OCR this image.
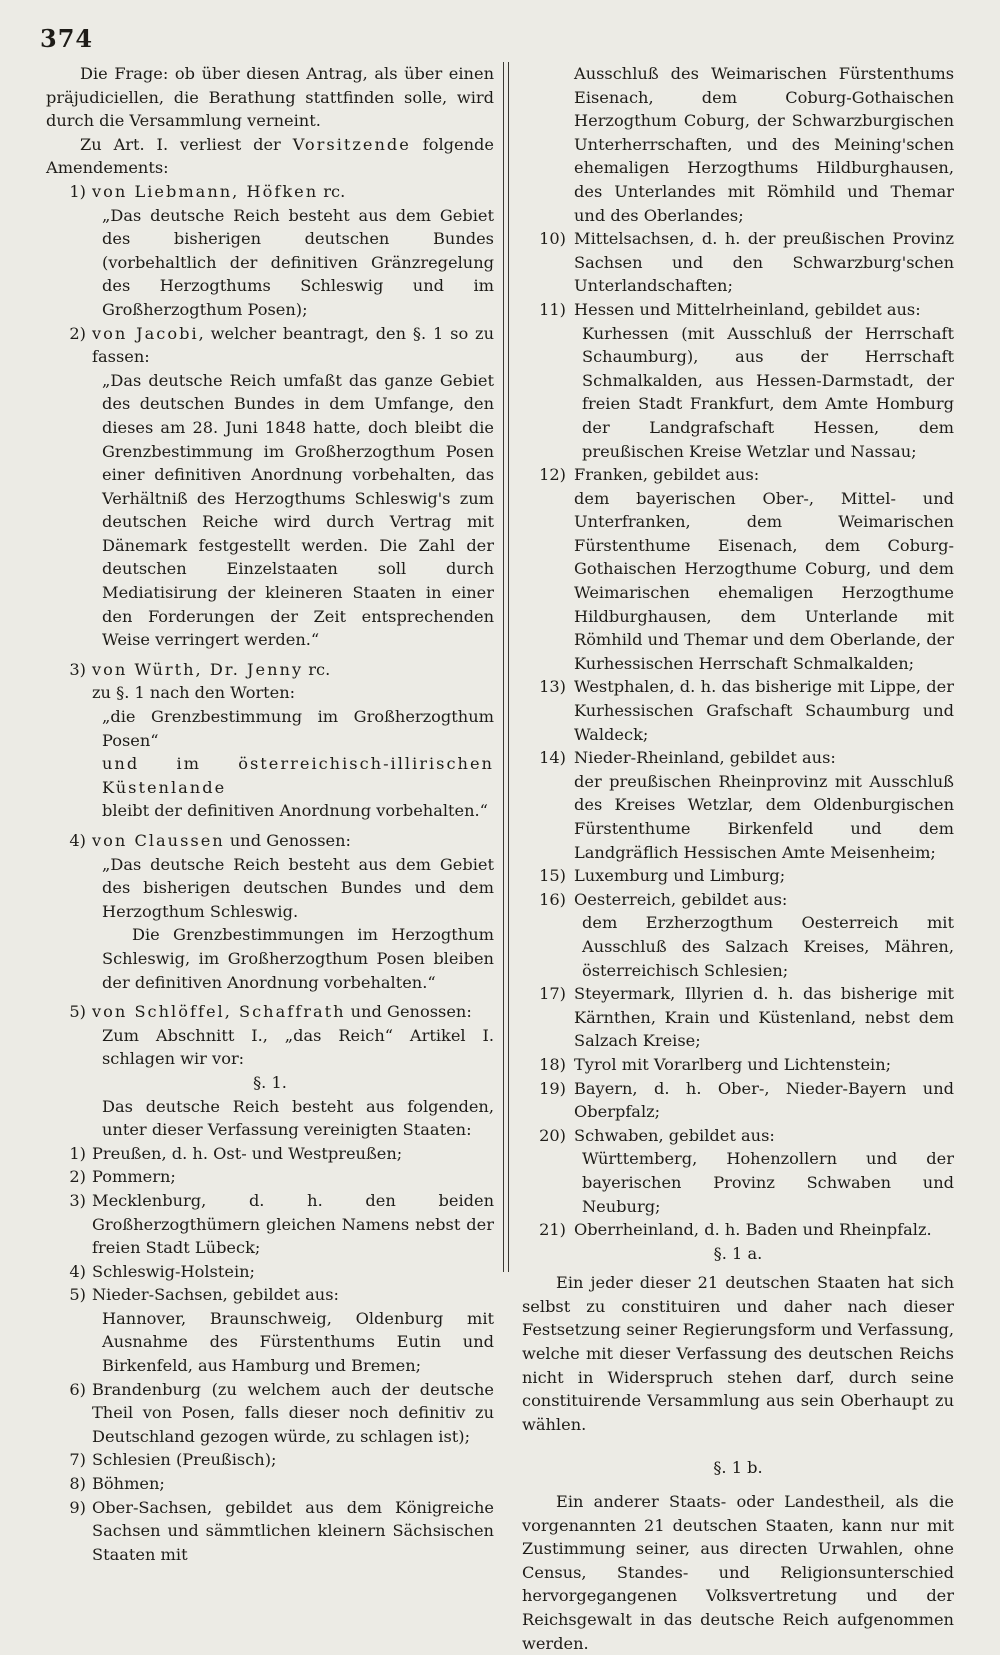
374

Die Frage: ob über diesen Antrag, als über einen präjudiciellen, die Berathung stattfinden solle, wird durch die Versammlung verneint.

Zu Art. I. verliest der Vorsitzende folgende Amendements:

1) von Liebmann, Höfken rc.

„Das deutsche Reich besteht aus dem Gebiet des bisherigen deutschen Bundes (vorbehaltlich der definitiven Gränzregelung des Herzogthums Schleswig und im Großherzogthum Posen);

2) von Jacobi, welcher beantragt, den §. 1 so zu fassen:

„Das deutsche Reich umfaßt das ganze Gebiet des deutschen Bundes in dem Umfange, den dieses am 28. Juni 1848 hatte, doch bleibt die Grenzbestimmung im Großherzogthum Posen einer definitiven Anordnung vorbehalten, das Verhältniß des Herzogthums Schleswig's zum deutschen Reiche wird durch Vertrag mit Dänemark festgestellt werden. Die Zahl der deutschen Einzelstaaten soll durch Mediatisirung der kleineren Staaten in einer den Forderungen der Zeit entsprechenden Weise verringert werden.“

3) von Würth, Dr. Jenny rc.

zu §. 1 nach den Worten:

„die Grenzbestimmung im Großherzogthum Posen“

und im österreichisch-illirischen Küstenlande

bleibt der definitiven Anordnung vorbehalten.“

4) von Claussen und Genossen:

„Das deutsche Reich besteht aus dem Gebiet des bisherigen deutschen Bundes und dem Herzogthum Schleswig.

Die Grenzbestimmungen im Herzogthum Schleswig, im Großherzogthum Posen bleiben der definitiven Anordnung vorbehalten.“

5) von Schlöffel, Schaffrath und Genossen:

Zum Abschnitt I., „das Reich“ Artikel I. schlagen wir vor:

§. 1.

Das deutsche Reich besteht aus folgenden, unter dieser Verfassung vereinigten Staaten:

1) Preußen, d. h. Ost- und Westpreußen;
2) Pommern;
3) Mecklenburg, d. h. den beiden Großherzogthümern gleichen Namens nebst der freien Stadt Lübeck;
4) Schleswig-Holstein;
5) Nieder-Sachsen, gebildet aus:

Hannover, Braunschweig, Oldenburg mit Ausnahme des Fürstenthums Eutin und Birkenfeld, aus Hamburg und Bremen;

6) Brandenburg (zu welchem auch der deutsche Theil von Posen, falls dieser noch definitiv zu Deutschland gezogen würde, zu schlagen ist);
7) Schlesien (Preußisch);
8) Böhmen;
9) Ober-Sachsen, gebildet aus dem Königreiche Sachsen und sämmtlichen kleinern Sächsischen Staaten mit

Ausschluß des Weimarischen Fürstenthums Eisenach, dem Coburg-Gothaischen Herzogthum Coburg, der Schwarzburgischen Unterherrschaften, und des Meining'schen ehemaligen Herzogthums Hildburghausen, des Unterlandes mit Römhild und Themar und des Oberlandes;

10) Mittelsachsen, d. h. der preußischen Provinz Sachsen und den Schwarzburg'schen Unterlandschaften;
11) Hessen und Mittelrheinland, gebildet aus:

Kurhessen (mit Ausschluß der Herrschaft Schaumburg), aus der Herrschaft Schmalkalden, aus Hessen-Darmstadt, der freien Stadt Frankfurt, dem Amte Homburg der Landgrafschaft Hessen, dem preußischen Kreise Wetzlar und Nassau;

12) Franken, gebildet aus:

dem bayerischen Ober-, Mittel- und Unterfranken, dem Weimarischen Fürstenthume Eisenach, dem Coburg-Gothaischen Herzogthume Coburg, und dem Weimarischen ehemaligen Herzogthume Hildburghausen, dem Unterlande mit Römhild und Themar und dem Oberlande, der Kurhessischen Herrschaft Schmalkalden;

13) Westphalen, d. h. das bisherige mit Lippe, der Kurhessischen Grafschaft Schaumburg und Waldeck;
14) Nieder-Rheinland, gebildet aus:

der preußischen Rheinprovinz mit Ausschluß des Kreises Wetzlar, dem Oldenburgischen Fürstenthume Birkenfeld und dem Landgräflich Hessischen Amte Meisenheim;

15) Luxemburg und Limburg;
16) Oesterreich, gebildet aus:

dem Erzherzogthum Oesterreich mit Ausschluß des Salzach Kreises, Mähren, österreichisch Schlesien;

17) Steyermark, Illyrien d. h. das bisherige mit Kärnthen, Krain und Küstenland, nebst dem Salzach Kreise;
18) Tyrol mit Vorarlberg und Lichtenstein;
19) Bayern, d. h. Ober-, Nieder-Bayern und Oberpfalz;
20) Schwaben, gebildet aus:

Württemberg, Hohenzollern und der bayerischen Provinz Schwaben und Neuburg;

21) Oberrheinland, d. h. Baden und Rheinpfalz.

§. 1 a.

Ein jeder dieser 21 deutschen Staaten hat sich selbst zu constituiren und daher nach dieser Festsetzung seiner Regierungsform und Verfassung, welche mit dieser Verfassung des deutschen Reichs nicht in Widerspruch stehen darf, durch seine constituirende Versammlung aus sein Oberhaupt zu wählen.

§. 1 b.

Ein anderer Staats- oder Landestheil, als die vorgenannten 21 deutschen Staaten, kann nur mit Zustimmung seiner, aus directen Urwahlen, ohne Census, Standes- und Religionsunterschied hervorgegangenen Volksvertretung und der Reichsgewalt in das deutsche Reich aufgenommen werden.
